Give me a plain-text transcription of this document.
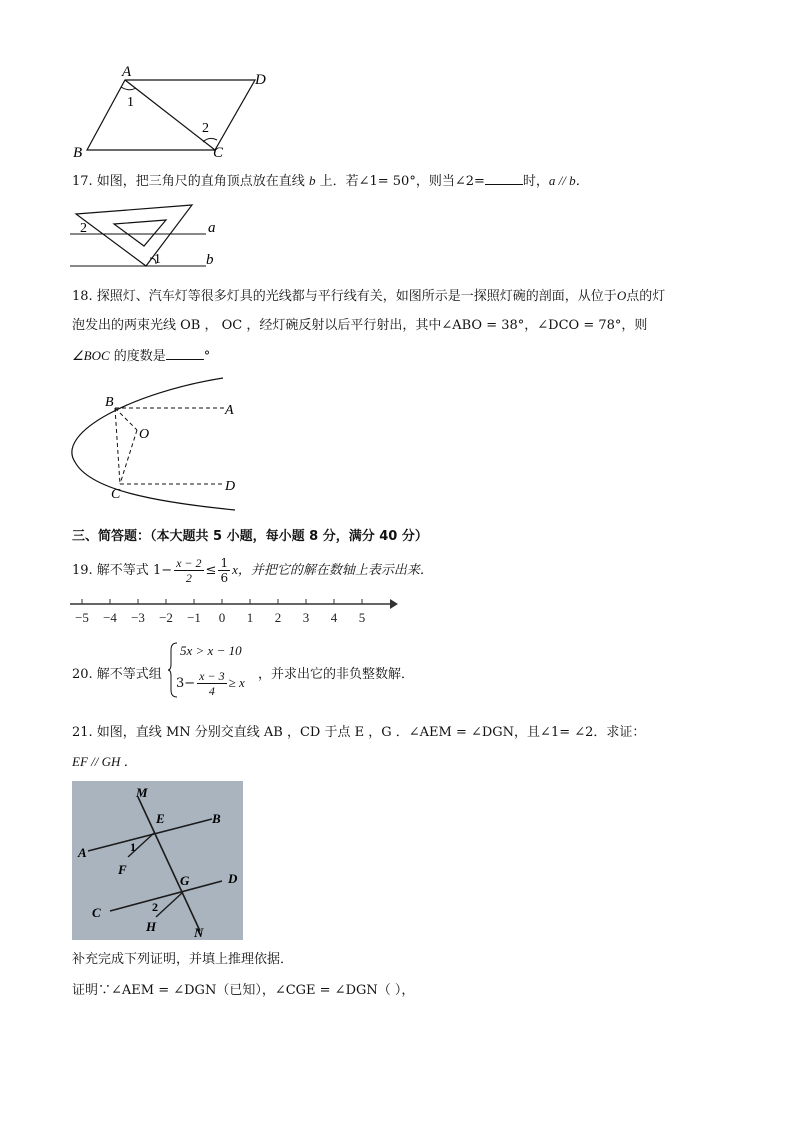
A	D
B	C
1
2
17. 如图，把三角尺的直角顶点放在直线 b 上．若∠1= 50°，则当∠2=	时，a // b．
2
1
a
b
18. 探照灯、汽车灯等很多灯具的光线都与平行线有关，如图所示是一探照灯碗的剖面，从位于O点的灯
泡发出的两束光线 OB ， OC ，经灯碗反射以后平行射出，其中∠ABO = 38°，∠DCO = 78°，则
∠BOC 的度数是	°
B
A
O
C
D
三、简答题：（本大题共 5 小题，每小题 8 分，满分 40 分）
19. 解不等式 $1- \frac{x - 2}{2} \le \frac{1}{6}$ x，并把它的解在数轴上表示出来．
−5 −4 −3 −2 −1 0 1 2 3 4 5
20. 解不等式组
5x > x − 10
$3- \frac{x - 3}{4} \ge x$
，并求出它的非负整数解．
21. 如图，直线 MN 分别交直线 AB ，CD 于点 E ，G ．∠AEM = ∠DGN，且∠1= ∠2．求证：
EF // GH ．
M
E	B
A	1
F
G	D
C	2
H	N
补充完成下列证明，并填上推理依据．
证明∵∠AEM = ∠DGN（已知），∠CGE = ∠DGN（ ），
